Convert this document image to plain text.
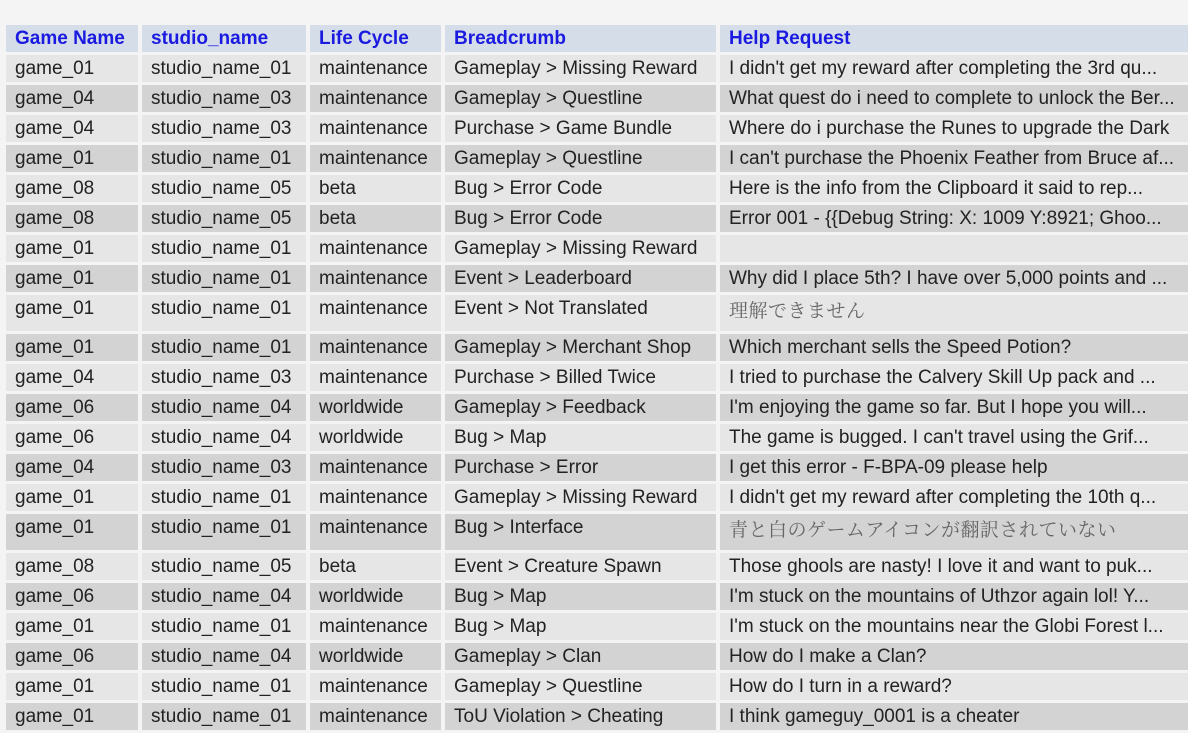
Game Name	studio_name	Life Cycle	Breadcrumb	Help Request
game_01	studio_name_01	maintenance	Gameplay > Missing Reward	I didn't get my reward after completing the 3rd qu...
game_04	studio_name_03	maintenance	Gameplay > Questline	What quest do i need to complete to unlock the Ber...
game_04	studio_name_03	maintenance	Purchase > Game Bundle	Where do i purchase the Runes to upgrade the Dark
game_01	studio_name_01	maintenance	Gameplay > Questline	I can't purchase the Phoenix Feather from Bruce af...
game_08	studio_name_05	beta	Bug > Error Code	Here is the info from the Clipboard it said to rep...
game_08	studio_name_05	beta	Bug > Error Code	Error 001 - {{Debug String: X: 1009 Y:8921; Ghoo...
game_01	studio_name_01	maintenance	Gameplay > Missing Reward	
game_01	studio_name_01	maintenance	Event > Leaderboard	Why did I place 5th? I have over 5,000 points and ...
game_01	studio_name_01	maintenance	Event > Not Translated	理解できません
game_01	studio_name_01	maintenance	Gameplay > Merchant Shop	Which merchant sells the Speed Potion?
game_04	studio_name_03	maintenance	Purchase > Billed Twice	I tried to purchase the Calvery Skill Up pack and ...
game_06	studio_name_04	worldwide	Gameplay > Feedback	I'm enjoying the game so far. But I hope you will...
game_06	studio_name_04	worldwide	Bug > Map	The game is bugged. I can't travel using the Grif...
game_04	studio_name_03	maintenance	Purchase > Error	I get this error - F-BPA-09 please help
game_01	studio_name_01	maintenance	Gameplay > Missing Reward	I didn't get my reward after completing the 10th q...
game_01	studio_name_01	maintenance	Bug > Interface	青と白のゲームアイコンが翻訳されていない
game_08	studio_name_05	beta	Event > Creature Spawn	Those ghools are nasty! I love it and want to puk...
game_06	studio_name_04	worldwide	Bug > Map	I'm stuck on the mountains of Uthzor again lol! Y...
game_01	studio_name_01	maintenance	Bug > Map	I'm stuck on the mountains near the Globi Forest l...
game_06	studio_name_04	worldwide	Gameplay > Clan	How do I make a Clan?
game_01	studio_name_01	maintenance	Gameplay > Questline	How do I turn in a reward?
game_01	studio_name_01	maintenance	ToU Violation > Cheating	I think gameguy_0001 is a cheater
